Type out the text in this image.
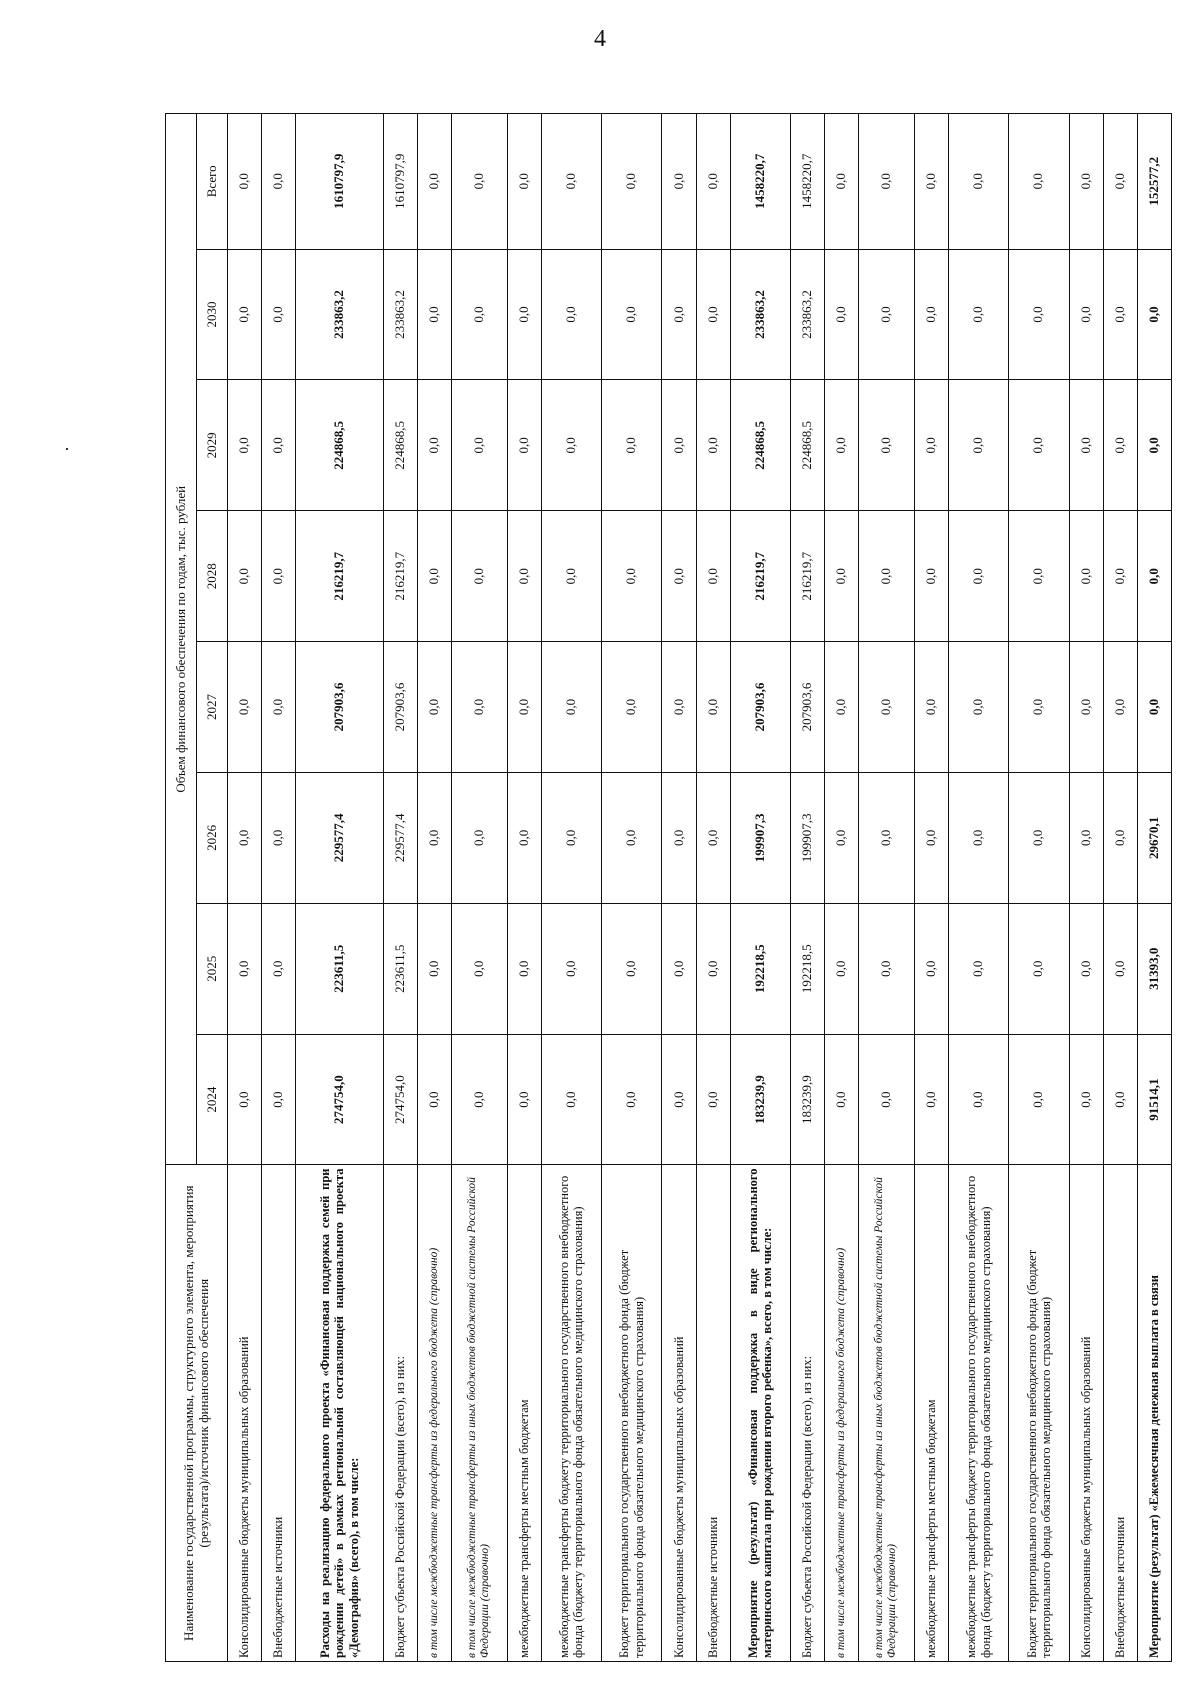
4
Наименование государственной программы, структурного элемента, мероприятия (результата)/источник финансового обеспечения	Объем финансового обеспечения по годам, тыс. рублей							
	2024	2025	2026	2027	2028	2029	2030	Всего
Консолидированные бюджеты муниципальных образований	0,0	0,0	0,0	0,0	0,0	0,0	0,0	0,0
Внебюджетные источники	0,0	0,0	0,0	0,0	0,0	0,0	0,0	0,0
Расходы на реализацию федерального проекта «Финансовая поддержка семей при рождении детей» в рамках региональной составляющей национального проекта «Демография» (всего), в том числе:	274754,0	223611,5	229577,4	207903,6	216219,7	224868,5	233863,2	1610797,9
Бюджет субъекта Российской Федерации (всего), из них:	274754,0	223611,5	229577,4	207903,6	216219,7	224868,5	233863,2	1610797,9
в том числе межбюджетные трансферты из федерального бюджета (справочно)	0,0	0,0	0,0	0,0	0,0	0,0	0,0	0,0
в том числе межбюджетные трансферты из иных бюджетов бюджетной системы Российской Федерации (справочно)	0,0	0,0	0,0	0,0	0,0	0,0	0,0	0,0
межбюджетные трансферты местным бюджетам	0,0	0,0	0,0	0,0	0,0	0,0	0,0	0,0
межбюджетные трансферты бюджету территориального государственного внебюджетного фонда (бюджету территориального фонда обязательного медицинского страхования)	0,0	0,0	0,0	0,0	0,0	0,0	0,0	0,0
Бюджет территориального государственного внебюджетного фонда (бюджет территориального фонда обязательного медицинского страхования)	0,0	0,0	0,0	0,0	0,0	0,0	0,0	0,0
Консолидированные бюджеты муниципальных образований	0,0	0,0	0,0	0,0	0,0	0,0	0,0	0,0
Внебюджетные источники	0,0	0,0	0,0	0,0	0,0	0,0	0,0	0,0
Мероприятие (результат) «Финансовая поддержка в виде регионального материнского капитала при рождении второго ребенка», всего, в том числе:	183239,9	192218,5	199907,3	207903,6	216219,7	224868,5	233863,2	1458220,7
Бюджет субъекта Российской Федерации (всего), из них:	183239,9	192218,5	199907,3	207903,6	216219,7	224868,5	233863,2	1458220,7
в том числе межбюджетные трансферты из федерального бюджета (справочно)	0,0	0,0	0,0	0,0	0,0	0,0	0,0	0,0
в том числе межбюджетные трансферты из иных бюджетов бюджетной системы Российской Федерации (справочно)	0,0	0,0	0,0	0,0	0,0	0,0	0,0	0,0
межбюджетные трансферты местным бюджетам	0,0	0,0	0,0	0,0	0,0	0,0	0,0	0,0
межбюджетные трансферты бюджету территориального государственного внебюджетного фонда (бюджету территориального фонда обязательного медицинского страхования)	0,0	0,0	0,0	0,0	0,0	0,0	0,0	0,0
Бюджет территориального государственного внебюджетного фонда (бюджет территориального фонда обязательного медицинского страхования)	0,0	0,0	0,0	0,0	0,0	0,0	0,0	0,0
Консолидированные бюджеты муниципальных образований	0,0	0,0	0,0	0,0	0,0	0,0	0,0	0,0
Внебюджетные источники	0,0	0,0	0,0	0,0	0,0	0,0	0,0	0,0
Мероприятие (результат) «Ежемесячная денежная выплата в связи	91514,1	31393,0	29670,1	0,0	0,0	0,0	0,0	152577,2
